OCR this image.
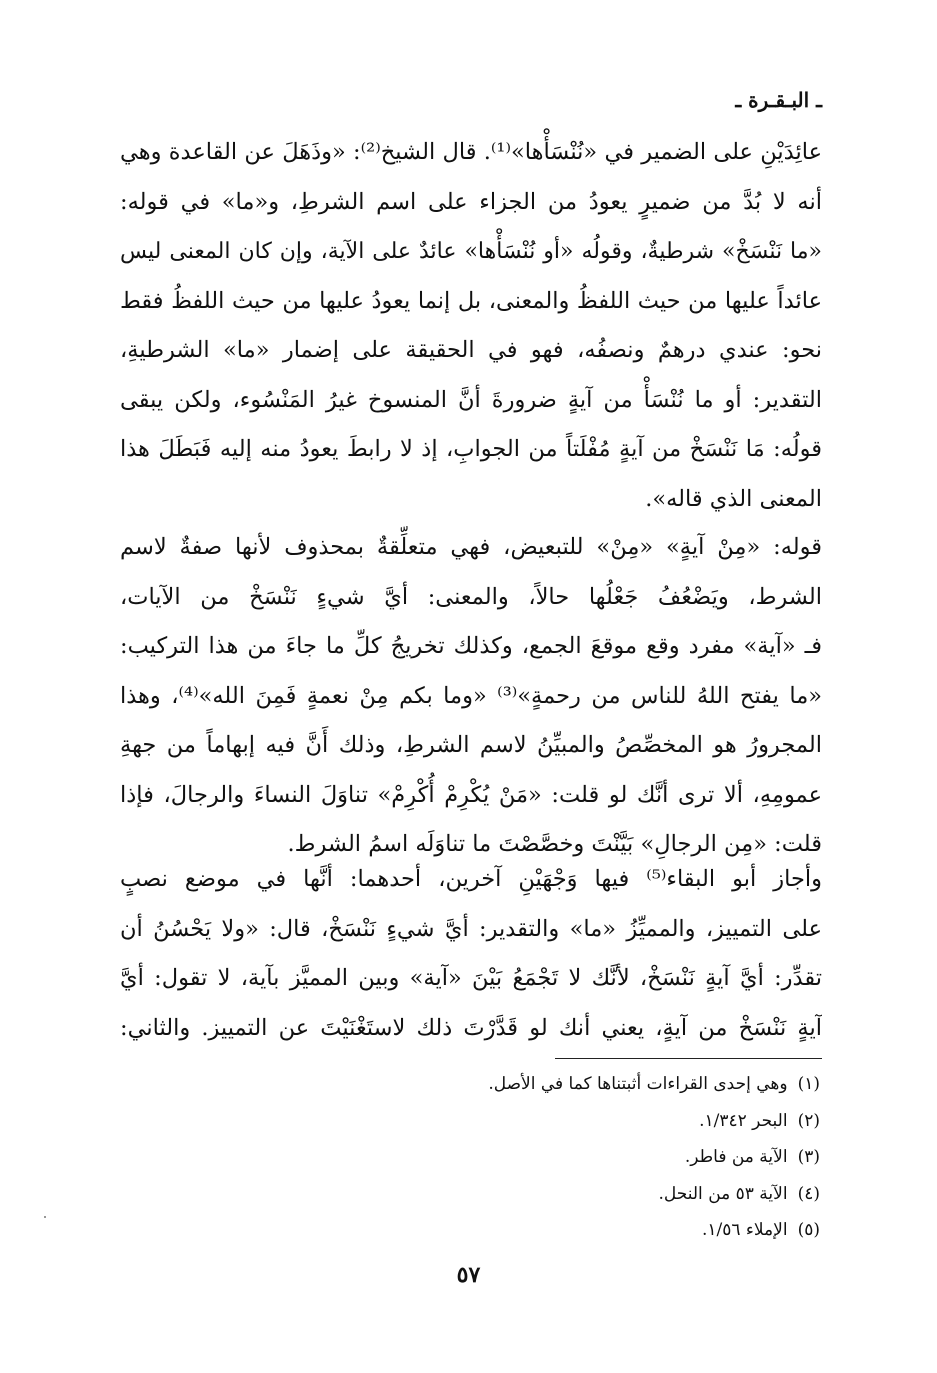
ـ البـقـرة ـ
عائِدَيْنِ على الضمير في «نُنْسَأْها»⁽¹⁾. قال الشيخ⁽²⁾: «وذَهَلَ عن القاعدة وهي
أنه لا بُدَّ من ضميرٍ يعودُ من الجزاء على اسم الشرطِ، و«ما» في قوله:
«ما نَنْسَخْ» شرطيةٌ، وقولُه «أو نُنْسَأْها» عائدٌ على الآية، وإن كان المعنى ليس
عائداً عليها من حيث اللفظُ والمعنى، بل إنما يعودُ عليها من حيث اللفظُ فقط
نحو: عندي درهمٌ ونصفُه، فهو في الحقيقة على إضمار «ما» الشرطيةِ،
التقدير: أو ما نُنْسَأْ من آيةٍ ضرورةَ أنَّ المنسوخ غيرُ المَنْسُوء، ولكن يبقى
قولُه: مَا نَنْسَخْ من آيةٍ مُفْلَتاً من الجوابِ، إذ لا رابطَ يعودُ منه إليه فَبَطَلَ هذا
المعنى الذي قاله».
قوله: «مِنْ آيةٍ» «مِنْ» للتبعيض، فهي متعلِّقةٌ بمحذوف لأنها صفةٌ لاسم
الشرط، ويَضْعُفُ جَعْلُها حالاً، والمعنى: أيَّ شيءٍ نَنْسَخْ من الآيات،
فـ «آية» مفرد وقع موقعَ الجمع، وكذلك تخريجُ كلِّ ما جاءَ من هذا التركيب:
«ما يفتح اللهُ للناس من رحمةٍ»⁽³⁾ «وما بكم مِنْ نعمةٍ فَمِنَ الله»⁽⁴⁾، وهذا
المجرورُ هو المخصِّصُ والمبيِّنُ لاسم الشرطِ، وذلك أَنَّ فيه إبهاماً من جهةِ
عمومِهِ، ألا ترى أنَّك لو قلت: «مَنْ يُكْرِمْ أُكْرِمْ» تناوَلَ النساءَ والرجالَ، فإذا
قلت: «مِن الرجالِ» بَيَّنْتَ وخصَّصْتَ ما تناوَلَه اسمُ الشرط.
وأجاز أبو البقاء⁽⁵⁾ فيها وَجْهَيْنِ آخرين، أحدهما: أنَّها في موضع نصبٍ
على التمييز، والمميِّزُ «ما» والتقدير: أيَّ شيءٍ نَنْسَخْ، قال: «ولا يَحْسُنُ أن
تقدِّر: أيَّ آيةٍ نَنْسَخْ، لأنَّك لا تَجْمَعُ بَيْنَ «آية» وبين المميَّز بآية، لا تقول: أيَّ
آيةٍ نَنْسَخْ من آيةٍ، يعني أنك لو قَدَّرْتَ ذلك لاستَغْنَيْتَ عن التمييز. والثاني:
(١)وهي إحدى القراءات أثبتناها كما في الأصل.
(٢)البحر ١/٣٤٢.
(٣)الآية من فاطر.
(٤)الآية ٥٣ من النحل.
(٥)الإملاء ١/٥٦.
٥٧
